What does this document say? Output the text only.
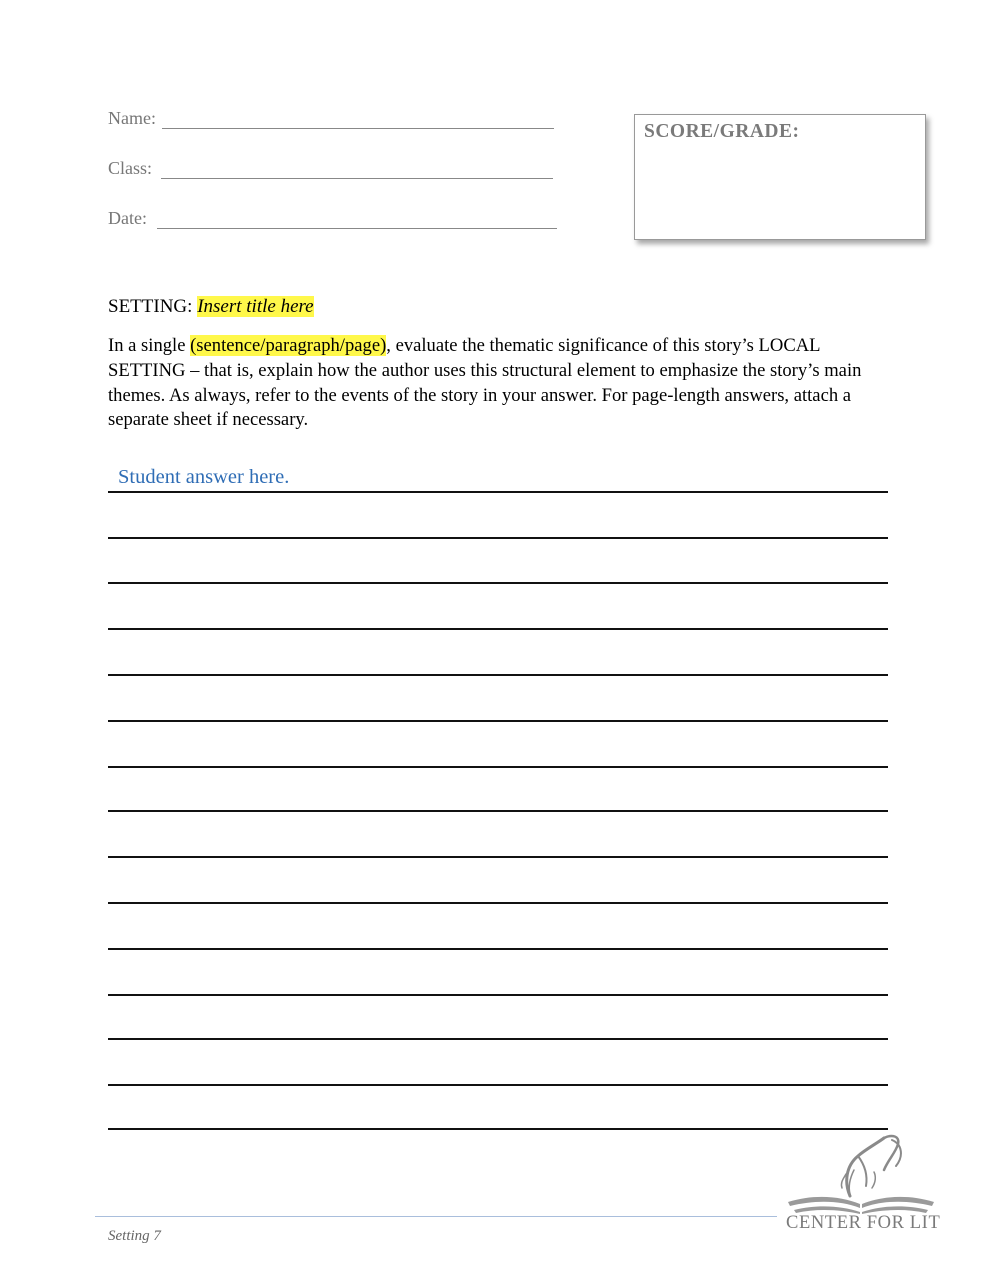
Name:
Class:
Date:
SCORE/GRADE:
SETTING: Insert title here
In a single (sentence/paragraph/page), evaluate the thematic significance of this story’s LOCAL SETTING – that is, explain how the author uses this structural element to emphasize the story’s main themes. As always, refer to the events of the story in your answer. For page-length answers, attach a separate sheet if necessary.
Student answer here.
Setting 7
CENTER FOR LIT
